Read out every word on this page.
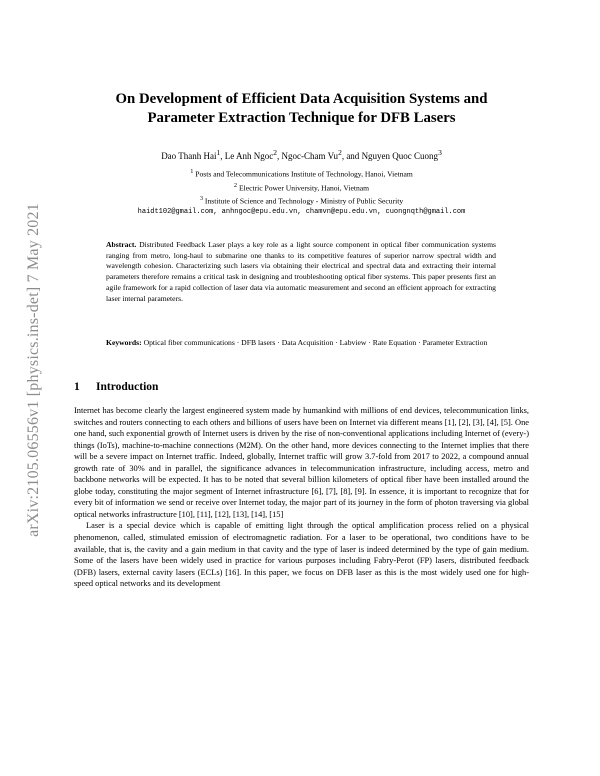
arXiv:2105.06556v1 [physics.ins-det] 7 May 2021
On Development of Efficient Data Acquisition Systems and
Parameter Extraction Technique for DFB Lasers
Dao Thanh Hai$^1$, Le Anh Ngoc$^2$, Ngoc-Cham Vu$^2$, and Nguyen Quoc Cuong$^3$
$^1$ Posts and Telecommunications Institute of Technology, Hanoi, Vietnam
$^2$ Electric Power University, Hanoi, Vietnam
$^3$ Institute of Science and Technology - Ministry of Public Security
haidt102@gmail.com, anhngoc@epu.edu.vn, chamvn@epu.edu.vn, cuongnqth@gmail.com
Abstract. Distributed Feedback Laser plays a key role as a light source component in optical fiber communication systems ranging from metro, long-haul to submarine one thanks to its competitive features of superior narrow spectral width and wavelength cohesion. Characterizing such lasers via obtaining their electrical and spectral data and extracting their internal parameters therefore remains a critical task in designing and troubleshooting optical fiber systems. This paper presents first an agile framework for a rapid collection of laser data via automatic measurement and second an efficient approach for extracting laser internal parameters.
Keywords: Optical fiber communications · DFB lasers · Data Acquisition · Labview · Rate Equation · Parameter Extraction
1 Introduction

Internet has become clearly the largest engineered system made by humankind with millions of end devices, telecommunication links, switches and routers connecting to each others and billions of users have been on Internet via different means [1], [2], [3], [4], [5]. One one hand, such exponential growth of Internet users is driven by the rise of non-conventional applications including Internet of (every-) things (IoTs), machine-to-machine connections (M2M). On the other hand, more devices connecting to the Internet implies that there will be a severe impact on Internet traffic. Indeed, globally, Internet traffic will grow 3.7-fold from 2017 to 2022, a compound annual growth rate of 30% and in parallel, the significance advances in telecommunication infrastructure, including access, metro and backbone networks will be expected. It has to be noted that several billion kilometers of optical fiber have been installed around the globe today, constituting the major segment of Internet infrastructure [6], [7], [8], [9]. In essence, it is important to recognize that for every bit of information we send or receive over Internet today, the major part of its journey in the form of photon traversing via global optical networks infrastructure [10], [11], [12], [13], [14], [15]

Laser is a special device which is capable of emitting light through the optical amplification process relied on a physical phenomenon, called, stimulated emission of electromagnetic radiation. For a laser to be operational, two conditions have to be available, that is, the cavity and a gain medium in that cavity and the type of laser is indeed determined by the type of gain medium. Some of the lasers have been widely used in practice for various purposes including Fabry-Perot (FP) lasers, distributed feedback (DFB) lasers, external cavity lasers (ECLs) [16]. In this paper, we focus on DFB laser as this is the most widely used one for high-speed optical networks and its development
